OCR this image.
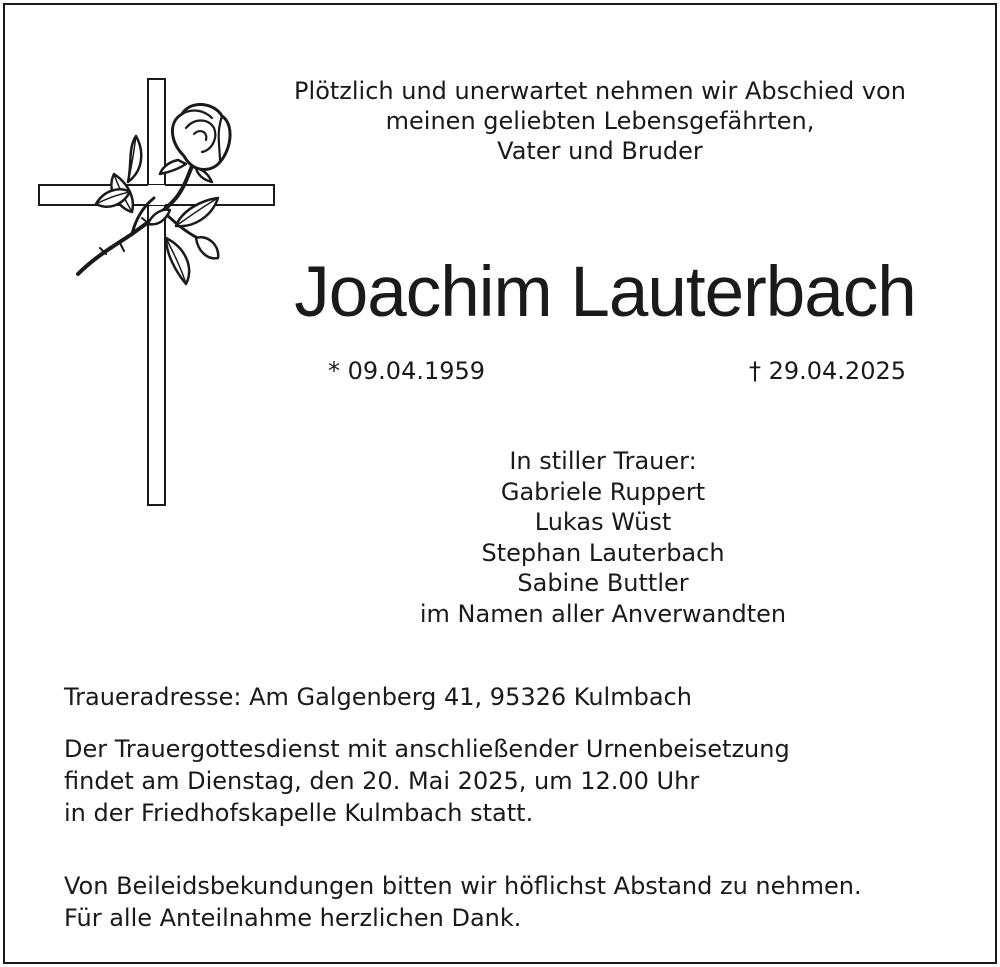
Plötzlich und unerwartet nehmen wir Abschied von
meinen geliebten Lebensgefährten,
Vater und Bruder
Joachim Lauterbach
* 09.04.1959	† 29.04.2025
In stiller Trauer:
Gabriele Ruppert
Lukas Wüst
Stephan Lauterbach
Sabine Buttler
im Namen aller Anverwandten
Traueradresse: Am Galgenberg 41, 95326 Kulmbach
Der Trauergottesdienst mit anschließender Urnenbeisetzung
findet am Dienstag, den 20. Mai 2025, um 12.00 Uhr
in der Friedhofskapelle Kulmbach statt.
Von Beileidsbekundungen bitten wir höflichst Abstand zu nehmen.
Für alle Anteilnahme herzlichen Dank.
